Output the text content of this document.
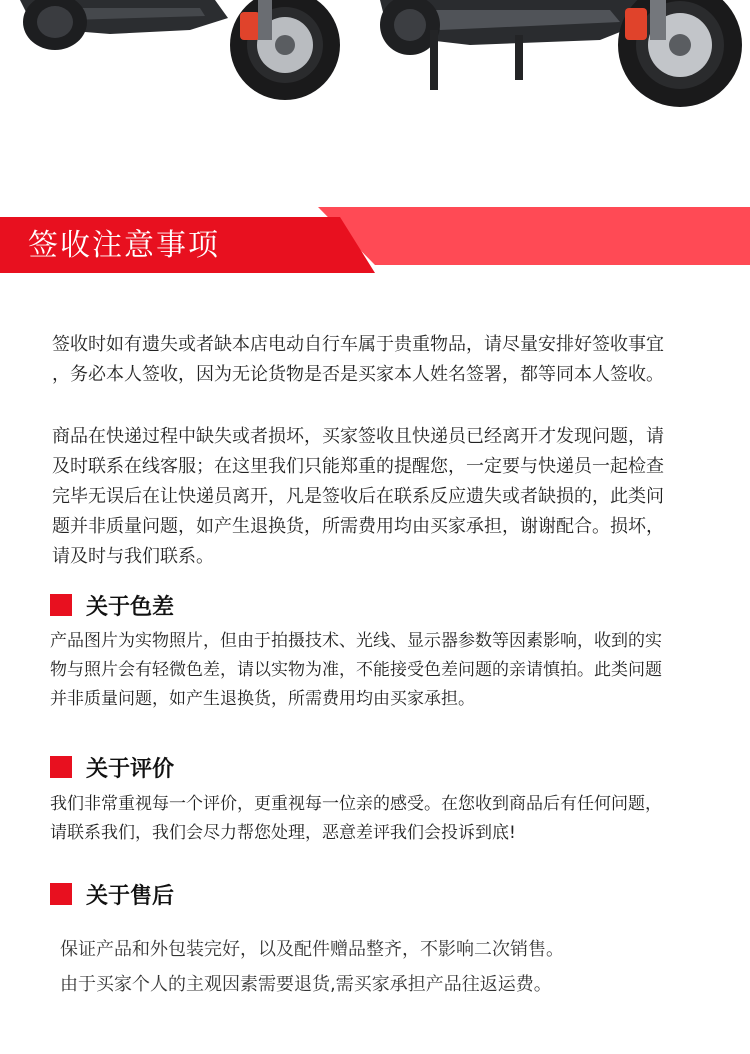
签收注意事项

签收时如有遗失或者缺本店电动自行车属于贵重物品，请尽量安排好签收事宜
，务必本人签收，因为无论货物是否是买家本人姓名签署，都等同本人签收。

商品在快递过程中缺失或者损坏，买家签收且快递员已经离开才发现问题，请
及时联系在线客服；在这里我们只能郑重的提醒您，一定要与快递员一起检查
完毕无误后在让快递员离开，凡是签收后在联系反应遗失或者缺损的，此类问
题并非质量问题，如产生退换货，所需费用均由买家承担，谢谢配合。损坏，
请及时与我们联系。

关于色差

产品图片为实物照片，但由于拍摄技术、光线、显示器参数等因素影响，收到的实
物与照片会有轻微色差，请以实物为准，不能接受色差问题的亲请慎拍。此类问题
并非质量问题，如产生退换货，所需费用均由买家承担。

关于评价

我们非常重视每一个评价，更重视每一位亲的感受。在您收到商品后有任何问题，
请联系我们，我们会尽力帮您处理，恶意差评我们会投诉到底!

关于售后

保证产品和外包装完好，以及配件赠品整齐，不影响二次销售。
由于买家个人的主观因素需要退货,需买家承担产品往返运费。
